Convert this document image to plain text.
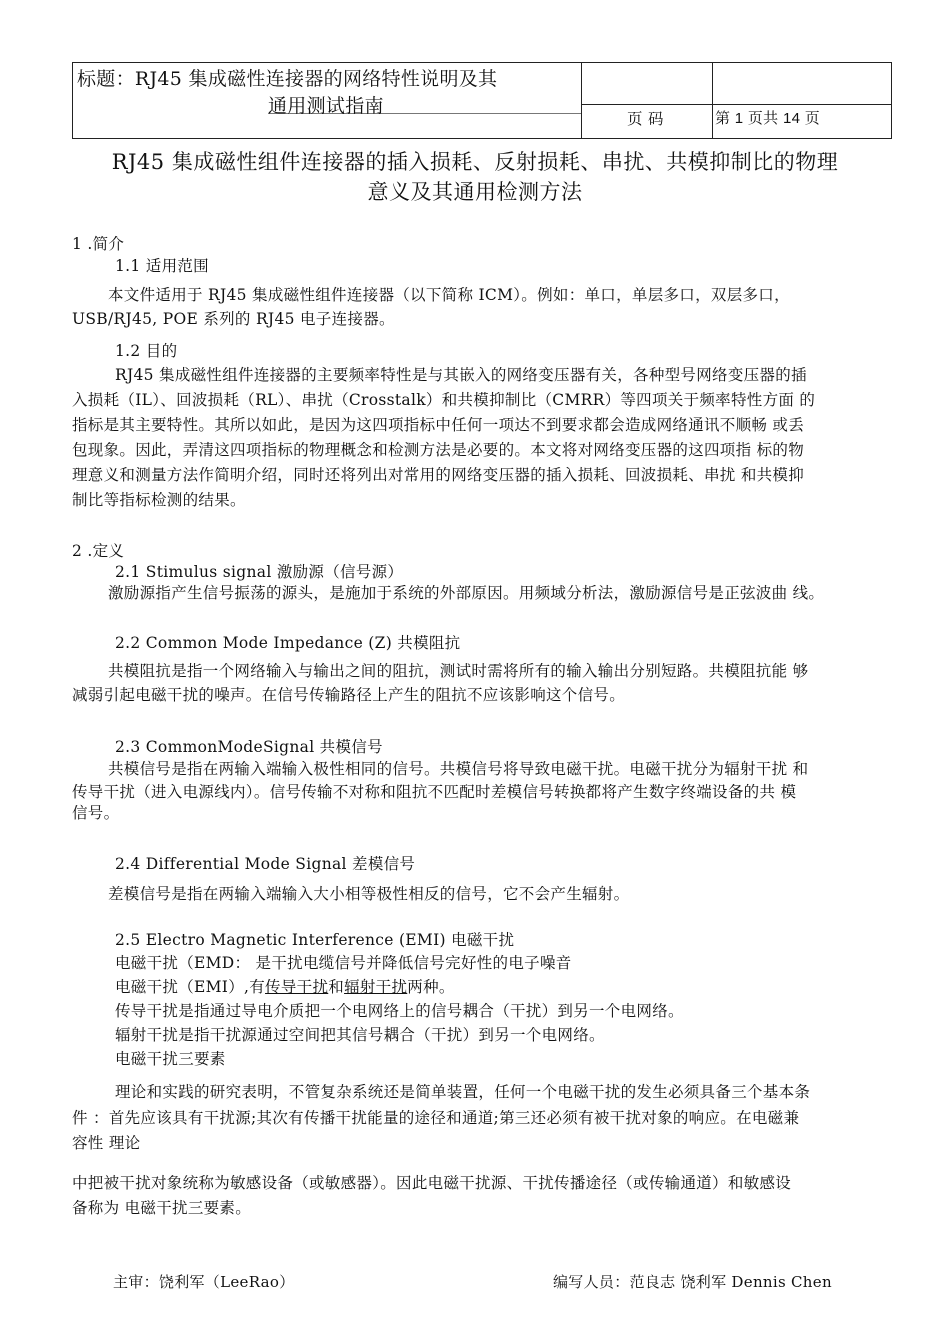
标题：RJ45 集成磁性连接器的网络特性说明及其
通用测试指南
页 码	第 1 页共 14 页
RJ45 集成磁性组件连接器的插入损耗、反射损耗、串扰、共模抑制比的物理
意义及其通用检测方法
1 .简介
1.1 适用范围
本文件适用于 RJ45 集成磁性组件连接器（以下简称 ICM）。例如：单口，单层多口，双层多口，
USB/RJ45, POE 系列的 RJ45 电子连接器。
1.2 目的
RJ45 集成磁性组件连接器的主要频率特性是与其嵌入的网络变压器有关，各种型号网络变压器的插
入损耗（IL）、回波损耗（RL）、串扰（Crosstalk）和共模抑制比（CMRR）等四项关于频率特性方面 的
指标是其主要特性。其所以如此，是因为这四项指标中任何一项达不到要求都会造成网络通讯不顺畅 或丢
包现象。因此，弄清这四项指标的物理概念和检测方法是必要的。本文将对网络变压器的这四项指 标的物
理意义和测量方法作简明介绍，同时还将列出对常用的网络变压器的插入损耗、回波损耗、串扰 和共模抑
制比等指标检测的结果。
2 .定义
2.1 Stimulus signal 激励源（信号源）
激励源指产生信号振荡的源头，是施加于系统的外部原因。用频域分析法，激励源信号是正弦波曲 线。
2.2 Common Mode Impedance (Z) 共模阻抗
共模阻抗是指一个网络输入与输出之间的阻抗，测试时需将所有的输入输出分别短路。共模阻抗能 够
减弱引起电磁干扰的噪声。在信号传输路径上产生的阻抗不应该影响这个信号。
2.3 CommonModeSignal 共模信号
共模信号是指在两输入端输入极性相同的信号。共模信号将导致电磁干扰。电磁干扰分为辐射干扰 和
传导干扰（进入电源线内）。信号传输不对称和阻抗不匹配时差模信号转换都将产生数字终端设备的共 模
信号。
2.4 Differential Mode Signal 差模信号
差模信号是指在两输入端输入大小相等极性相反的信号，它不会产生辐射。
2.5 Electro Magnetic Interference (EMI) 电磁干扰
电磁干扰（EMD： 是干扰电缆信号并降低信号完好性的电子噪音
电磁干扰（EMI）,有传导干扰和辐射干扰两种。
传导干扰是指通过导电介质把一个电网络上的信号耦合（干扰）到另一个电网络。
辐射干扰是指干扰源通过空间把其信号耦合（干扰）到另一个电网络。
电磁干扰三要素
理论和实践的研究表明，不管复杂系统还是简单装置，任何一个电磁干扰的发生必须具备三个基本条
件 ：首先应该具有干扰源;其次有传播干扰能量的途径和通道;第三还必须有被干扰对象的响应。在电磁兼
容性 理论
中把被干扰对象统称为敏感设备（或敏感器）。因此电磁干扰源、干扰传播途径（或传输通道）和敏感设
备称为 电磁干扰三要素。
主审：饶利军（LeeRao）	编写人员：范良志 饶利军 Dennis Chen
